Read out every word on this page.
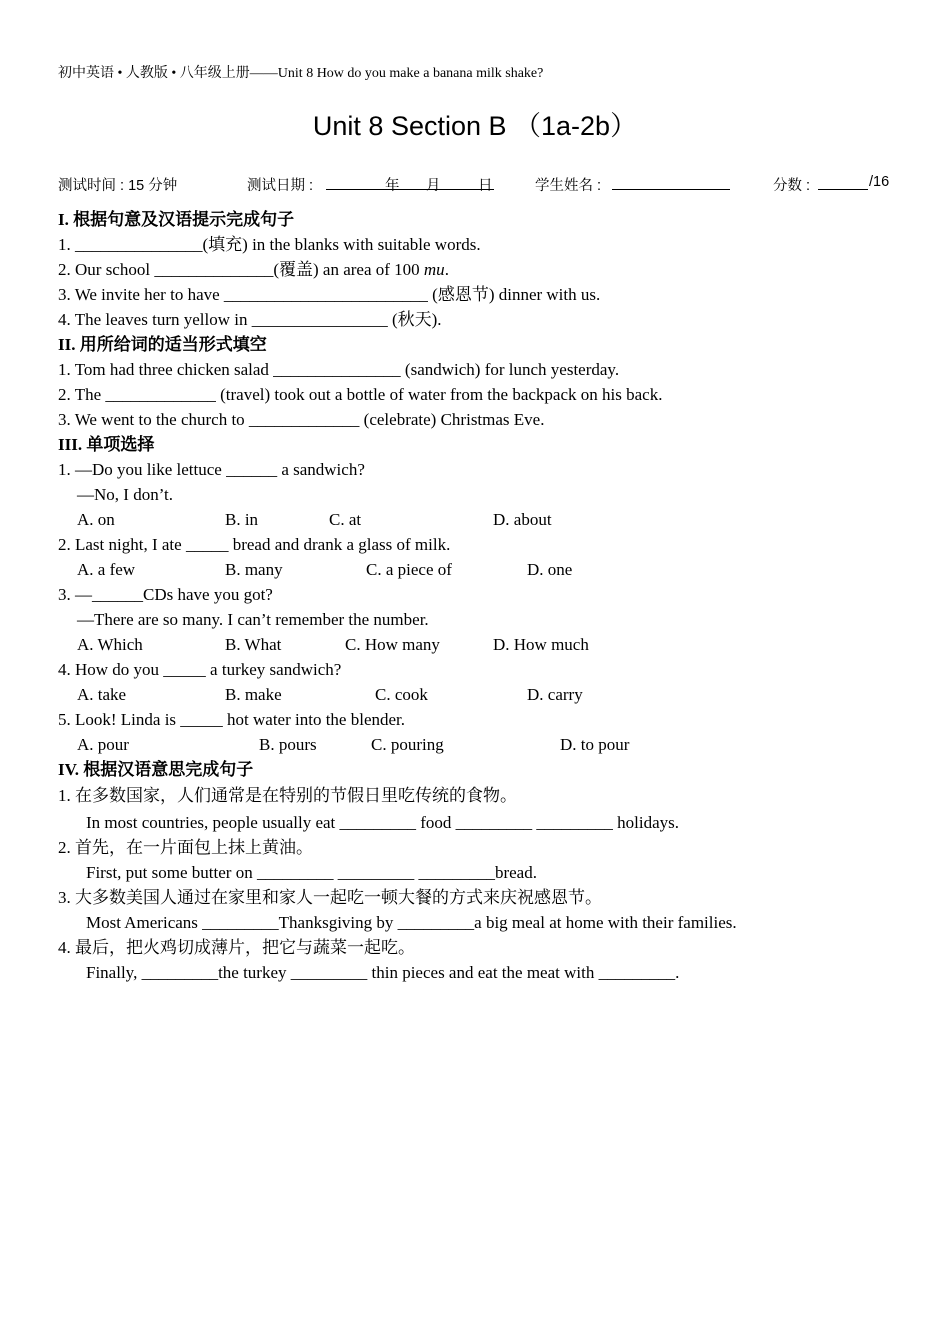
初中英语 • 人教版 • 八年级上册——Unit 8 How do you make a banana milk shake?
Unit 8 Section B （1a-2b）
测试时间 : 15 分钟	测试日期 :	年 月	日	学生姓名 :	分数 :	/16
I. 根据句意及汉语提示完成句子
1. _______________(填充) in the blanks with suitable words.
2. Our school ______________(覆盖) an area of 100 mu.
3. We invite her to have ________________________ (感恩节) dinner with us.
4. The leaves turn yellow in ________________ (秋天).
II. 用所给词的适当形式填空
1. Tom had three chicken salad _______________ (sandwich) for lunch yesterday.
2. The _____________ (travel) took out a bottle of water from the backpack on his back.
3. We went to the church to _____________ (celebrate) Christmas Eve.
III. 单项选择
1. —Do you like lettuce ______ a sandwich?
—No, I don’t.
A. on	B. in	C. at	D. about
2. Last night, I ate _____ bread and drank a glass of milk.
A. a few	B. many	C. a piece of	D. one
3. —______CDs have you got?
—There are so many. I can’t remember the number.
A. Which	B. What	C. How many	D. How much
4. How do you _____ a turkey sandwich?
A. take	B. make	C. cook	D. carry
5. Look! Linda is _____ hot water into the blender.
A. pour	B. pours	C. pouring	D. to pour
IV. 根据汉语意思完成句子
1. 在多数国家，人们通常是在特别的节假日里吃传统的食物。
In most countries, people usually eat _________ food _________ _________ holidays.
2. 首先，在一片面包上抹上黄油。
First, put some butter on _________ _________ _________bread.
3. 大多数美国人通过在家里和家人一起吃一顿大餐的方式来庆祝感恩节。
Most Americans _________Thanksgiving by _________a big meal at home with their families.
4. 最后，把火鸡切成薄片，把它与蔬菜一起吃。
Finally, _________the turkey _________ thin pieces and eat the meat with _________.
